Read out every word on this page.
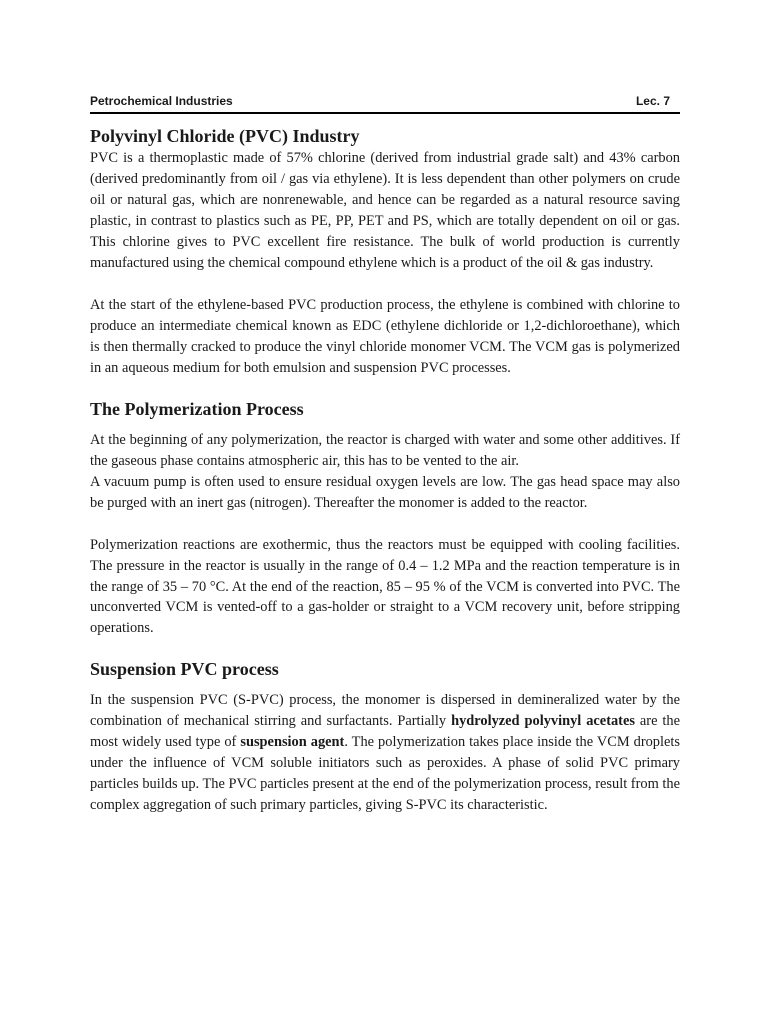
Petrochemical Industries	Lec. 7
Polyvinyl Chloride (PVC) Industry

PVC is a thermoplastic made of 57% chlorine (derived from industrial grade salt) and 43% carbon (derived predominantly from oil / gas via ethylene). It is less dependent than other polymers on crude oil or natural gas, which are nonrenewable, and hence can be regarded as a natural resource saving plastic, in contrast to plastics such as PE, PP, PET and PS, which are totally dependent on oil or gas. This chlorine gives to PVC excellent fire resistance. The bulk of world production is currently manufactured using the chemical compound ethylene which is a product of the oil & gas industry.

At the start of the ethylene-based PVC production process, the ethylene is combined with chlorine to produce an intermediate chemical known as EDC (ethylene dichloride or 1,2-dichloroethane), which is then thermally cracked to produce the vinyl chloride monomer VCM. The VCM gas is polymerized in an aqueous medium for both emulsion and suspension PVC processes.

The Polymerization Process

At the beginning of any polymerization, the reactor is charged with water and some other additives. If the gaseous phase contains atmospheric air, this has to be vented to the air.

A vacuum pump is often used to ensure residual oxygen levels are low. The gas head space may also be purged with an inert gas (nitrogen). Thereafter the monomer is added to the reactor.

Polymerization reactions are exothermic, thus the reactors must be equipped with cooling facilities. The pressure in the reactor is usually in the range of 0.4 – 1.2 MPa and the reaction temperature is in the range of 35 – 70 °C. At the end of the reaction, 85 – 95 % of the VCM is converted into PVC. The unconverted VCM is vented-off to a gas-holder or straight to a VCM recovery unit, before stripping operations.

Suspension PVC process

In the suspension PVC (S-PVC) process, the monomer is dispersed in demineralized water by the combination of mechanical stirring and surfactants. Partially hydrolyzed polyvinyl acetates are the most widely used type of suspension agent. The polymerization takes place inside the VCM droplets under the influence of VCM soluble initiators such as peroxides. A phase of solid PVC primary particles builds up. The PVC particles present at the end of the polymerization process, result from the complex aggregation of such primary particles, giving S-PVC its characteristic.
